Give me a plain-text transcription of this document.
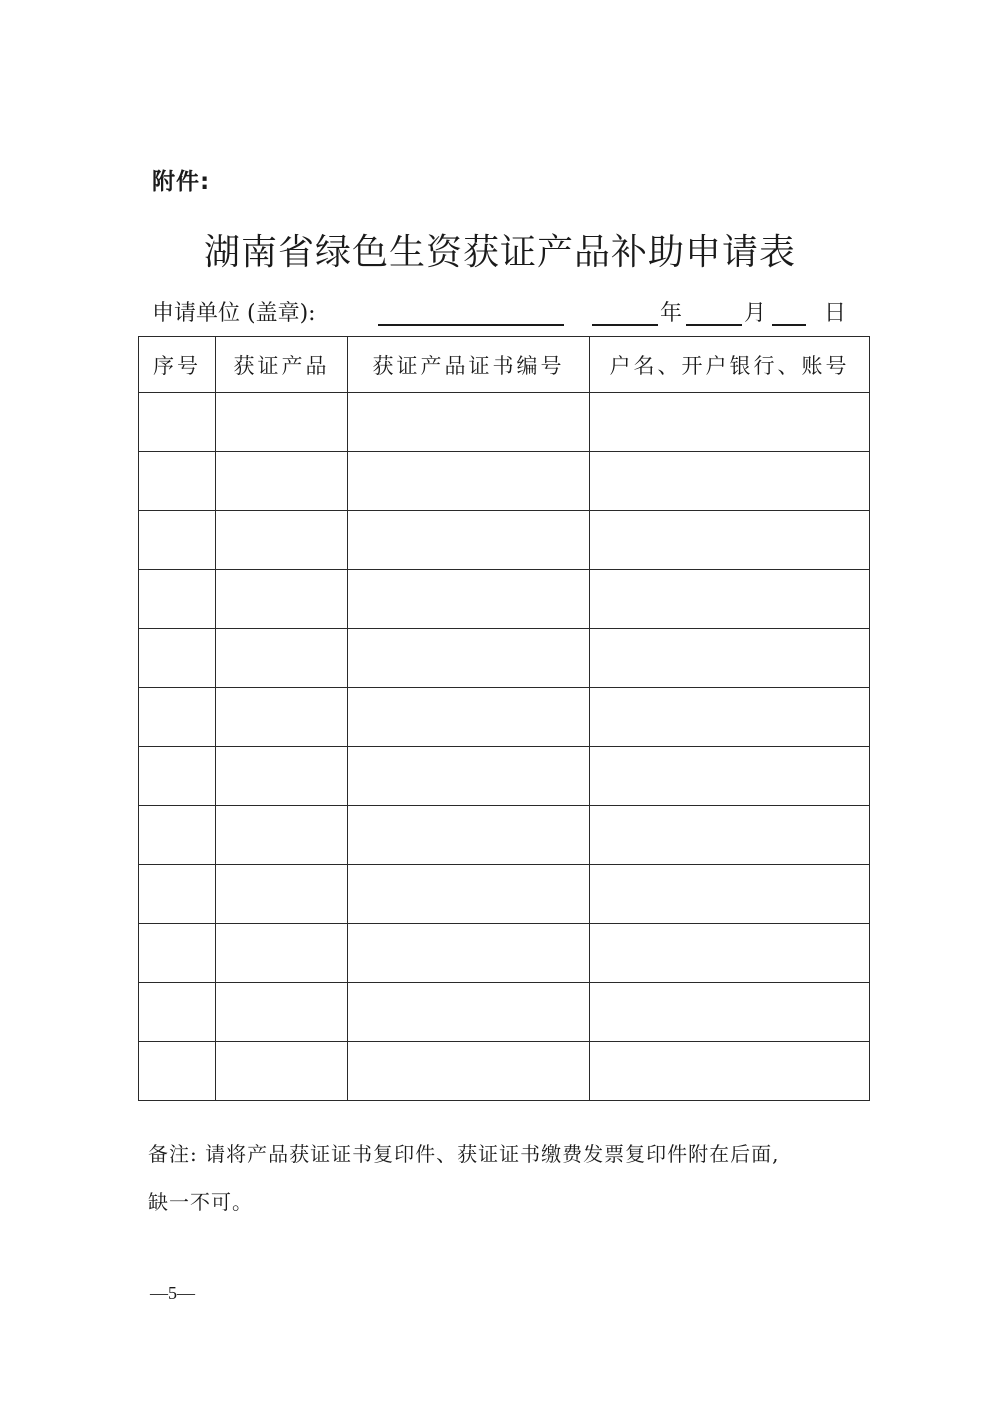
附件:
湖南省绿色生资获证产品补助申请表
申请单位 (盖章):	年	月	日
序号	获证产品	获证产品证书编号	户名、开户银行、账号

备注: 请将产品获证证书复印件、获证证书缴费发票复印件附在后面,
缺一不可。
—5—
